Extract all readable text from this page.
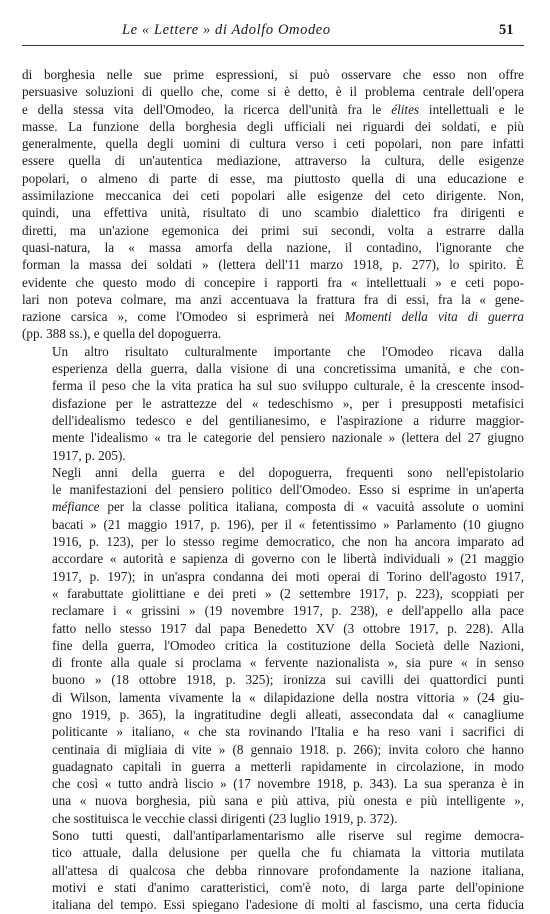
Le « Lettere » di Adolfo Omodeo	51
di borghesia nelle sue prime espressioni, si può osservare che esso non offre
persuasive soluzioni di quello che, come si è detto, è il problema centrale dell'opera
e della stessa vita dell'Omodeo, la ricerca dell'unità fra le élites intellettuali e le
masse. La funzione della borghesia degli ufficiali nei riguardi dei soldati, e più
generalmente, quella degli uomini di cultura verso i ceti popolari, non pare infatti
essere quella di un'autentica mediazione, attraverso la cultura, delle esigenze
popolari, o almeno di parte di esse, ma piuttosto quella di una educazione e
assimilazione meccanica dei ceti popolari alle esigenze del ceto dirigente. Non,
quindi, una effettiva unità, risultato di uno scambio dialettico fra dirigenti e
diretti, ma un'azione egemonica dei primi sui secondi, volta a estrarre dalla
quasi-natura, la « massa amorfa della nazione, il contadino, l'ignorante che
forman la massa dei soldati » (lettera dell'11 marzo 1918, p. 277), lo spirito. È
evidente che questo modo di concepire i rapporti fra « intellettuali » e ceti popo-
lari non poteva colmare, ma anzi accentuava la frattura fra di essi, fra la « gene-
razione carsica », come l'Omodeo si esprimerà nei Momenti della vita di guerra
(pp. 388 ss.), e quella del dopoguerra.
Un altro risultato culturalmente importante che l'Omodeo ricava dalla
esperienza della guerra, dalla visione di una concretissima umanità, e che con-
ferma il peso che la vita pratica ha sul suo sviluppo culturale, è la crescente insod-
disfazione per le astrattezze del « tedeschismo », per i presupposti metafisici
dell'idealismo tedesco e del gentilianesimo, e l'aspirazione a ridurre maggior-
mente l'idealismo « tra le categorie del pensiero nazionale » (lettera del 27 giugno
1917, p. 205).
Negli anni della guerra e del dopoguerra, frequenti sono nell'epistolario
le manifestazioni del pensiero politico dell'Omodeo. Esso si esprime in un'aperta
méfiance per la classe politica italiana, composta di « vacuità assolute o uomini
bacati » (21 maggio 1917, p. 196), per il « fetentissimo » Parlamento (10 giugno
1916, p. 123), per lo stesso regime democratico, che non ha ancora imparato ad
accordare « autorità e sapienza di governo con le libertà individuali » (21 maggio
1917, p. 197); in un'aspra condanna dei moti operai di Torino dell'agosto 1917,
« farabuttate giolittiane e dei preti » (2 settembre 1917, p. 223), scoppiati per
reclamare i « grissini » (19 novembre 1917, p. 238), e dell'appello alla pace
fatto nello stesso 1917 dal papa Benedetto XV (3 ottobre 1917, p. 228). Alla
fine della guerra, l'Omodeo critica la costituzione della Società delle Nazioni,
di fronte alla quale si proclama « fervente nazionalista », sia pure « in senso
buono » (18 ottobre 1918, p. 325); ironizza sui cavilli dei quattordici punti
di Wilson, lamenta vivamente la « dilapidazione della nostra vittoria » (24 giu-
gno 1919, p. 365), la ingratitudine degli alleati, assecondata dal « canagliume
politicante » italiano, « che sta rovinando l'Italia e ha reso vani i sacrifici di
centinaia di migliaia di vite » (8 gennaio 1918. p. 266); invita coloro che hanno
guadagnato capitali in guerra a metterli rapidamente in circolazione, in modo
che così « tutto andrà liscio » (17 novembre 1918, p. 343). La sua speranza è in
una « nuova borghesia, più sana e più attiva, più onesta e più intelligente »,
che sostituisca le vecchie classi dirigenti (23 luglio 1919, p. 372).
Sono tutti questi, dall'antiparlamentarismo alle riserve sul regime democra-
tico attuale, dalla delusione per quella che fu chiamata la vittoria mutilata
all'attesa di qualcosa che debba rinnovare profondamente la nazione italiana,
motivi e stati d'animo caratteristici, com'è noto, di larga parte dell'opinione
italiana del tempo. Essi spiegano l'adesione di molti al fascismo, una certa fiducia
